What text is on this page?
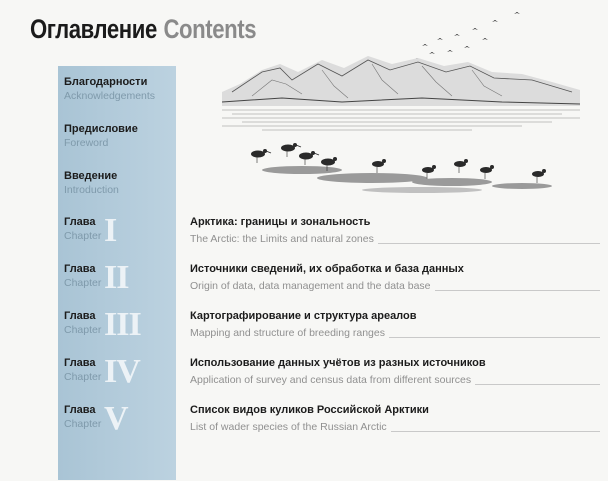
Оглавление Contents
Благодарности
Acknowledgements
Предисловие
Foreword
Введение
Introduction
Глава
Chapter I
Глава
Chapter II
Глава
Chapter III
Глава
Chapter IV
Глава
Chapter V
Арктика: границы и зональность
The Arctic: the Limits and natural zones
Источники сведений, их обработка и база данных
Origin of data, data management and the data base
Картографирование и структура ареалов
Mapping and structure of breeding ranges
Использование данных учётов из разных источников
Application of survey and census data from different sources
Список видов куликов Российской Арктики
List of wader species of the Russian Arctic
